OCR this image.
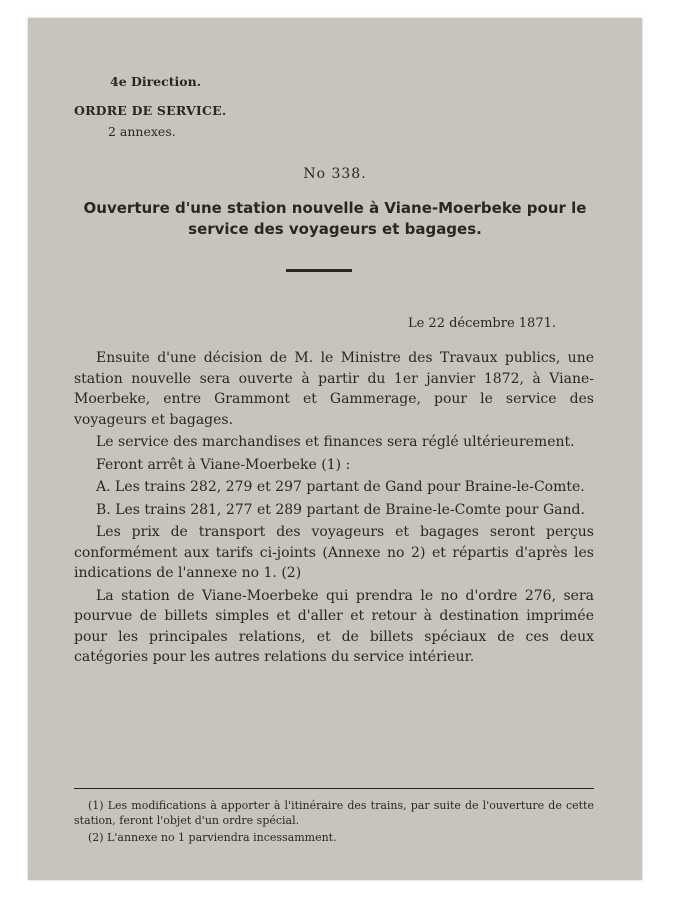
4e Direction.
ORDRE DE SERVICE.
2 annexes.
No 338.
Ouverture d'une station nouvelle à Viane-Moerbeke pour le service des voyageurs et bagages.
Le 22 décembre 1871.

Ensuite d'une décision de M. le Ministre des Travaux publics, une station nouvelle sera ouverte à partir du 1er janvier 1872, à Viane-Moerbeke, entre Grammont et Gammerage, pour le service des voyageurs et bagages.

Le service des marchandises et finances sera réglé ultérieurement.

Feront arrêt à Viane-Moerbeke (1) :

A. Les trains 282, 279 et 297 partant de Gand pour Braine-le-Comte.

B. Les trains 281, 277 et 289 partant de Braine-le-Comte pour Gand.

Les prix de transport des voyageurs et bagages seront perçus conformément aux tarifs ci-joints (Annexe no 2) et répartis d'après les indications de l'annexe no 1. (2)

La station de Viane-Moerbeke qui prendra le no d'ordre 276, sera pourvue de billets simples et d'aller et retour à destination imprimée pour les principales relations, et de billets spéciaux de ces deux catégories pour les autres relations du service intérieur.

(1) Les modifications à apporter à l'itinéraire des trains, par suite de l'ouverture de cette station, feront l'objet d'un ordre spécial.

(2) L'annexe no 1 parviendra incessamment.
